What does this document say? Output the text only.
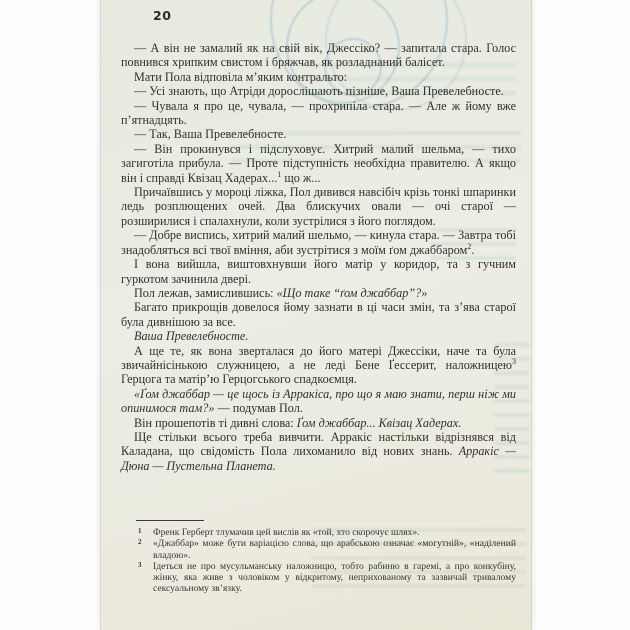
20

— А він не замалий як на свій вік, Джессіко? — запитала стара. Голос повнився хрипким свистом і бряжчав, як розладнаний балісет.

Мати Пола відповіла м’яким контральто:

— Усі знають, що Атріди дорослішають пізніше, Ваша Превелебносте.

— Чувала я про це, чувала, — прохрипіла стара. — Але ж йому вже п’ятнадцять.

— Так, Ваша Превелебносте.

— Він прокинувся і підслуховує. Хитрий малий шельма, — тихо загиготіла прибула. — Проте підступність необхідна правителю. А якщо він і справді Квізац Хадерах...$^1$ що ж...

Причаївшись у мороці ліжка, Пол дивився навсібіч крізь тонкі шпаринки ледь розплющених очей. Два блискучих овали — очі старої — розширилися і спалахнули, коли зустрілися з його поглядом.

— Добре виспись, хитрий малий шельмо, — кинула стара. — Завтра тобі знадобляться всі твої вміння, аби зустрітися з моїм ґом джаббаром$^2$.

І вона вийшла, виштовхнувши його матір у коридор, та з гучним гуркотом зачинила двері.

Пол лежав, замислившись: «Що таке “ґом джаббар”?»

Багато прикрощів довелося йому зазнати в ці часи змін, та з’ява старої була дивнішою за все.

Ваша Превелебносте.

А ще те, як вона зверталася до його матері Джессіки, наче та була звичайнісінькою служницею, а не леді Бене Ґессерит, наложницею$^3$ Герцога та матір’ю Герцогського спадкоємця.

«Ґом джаббар — це щось із Арракіса, про що я маю знати, перш ніж ми опинимося там?» — подумав Пол.

Він прошепотів ті дивні слова: Ґом джаббар... Квізац Хадерах.

Ще стільки всього треба вивчити. Арракіс настільки відрізнявся від Каладана, що свідомість Пола лихоманило від нових знань. Арракіс — Дюна — Пустельна Планета.

1 Френк Герберт тлумачив цей вислів як «той, хто скорочує шлях».
2 «Джаббар» може бути варіацією слова, що арабською означає «могутній», «наділений владою».
3 Ідеться не про мусульманську наложницю, тобто рабиню в гаремі, а про конкубіну, жінку, яка живе з чоловіком у відкритому, неприхованому та зазвичай тривалому сексуальному зв’язку.
